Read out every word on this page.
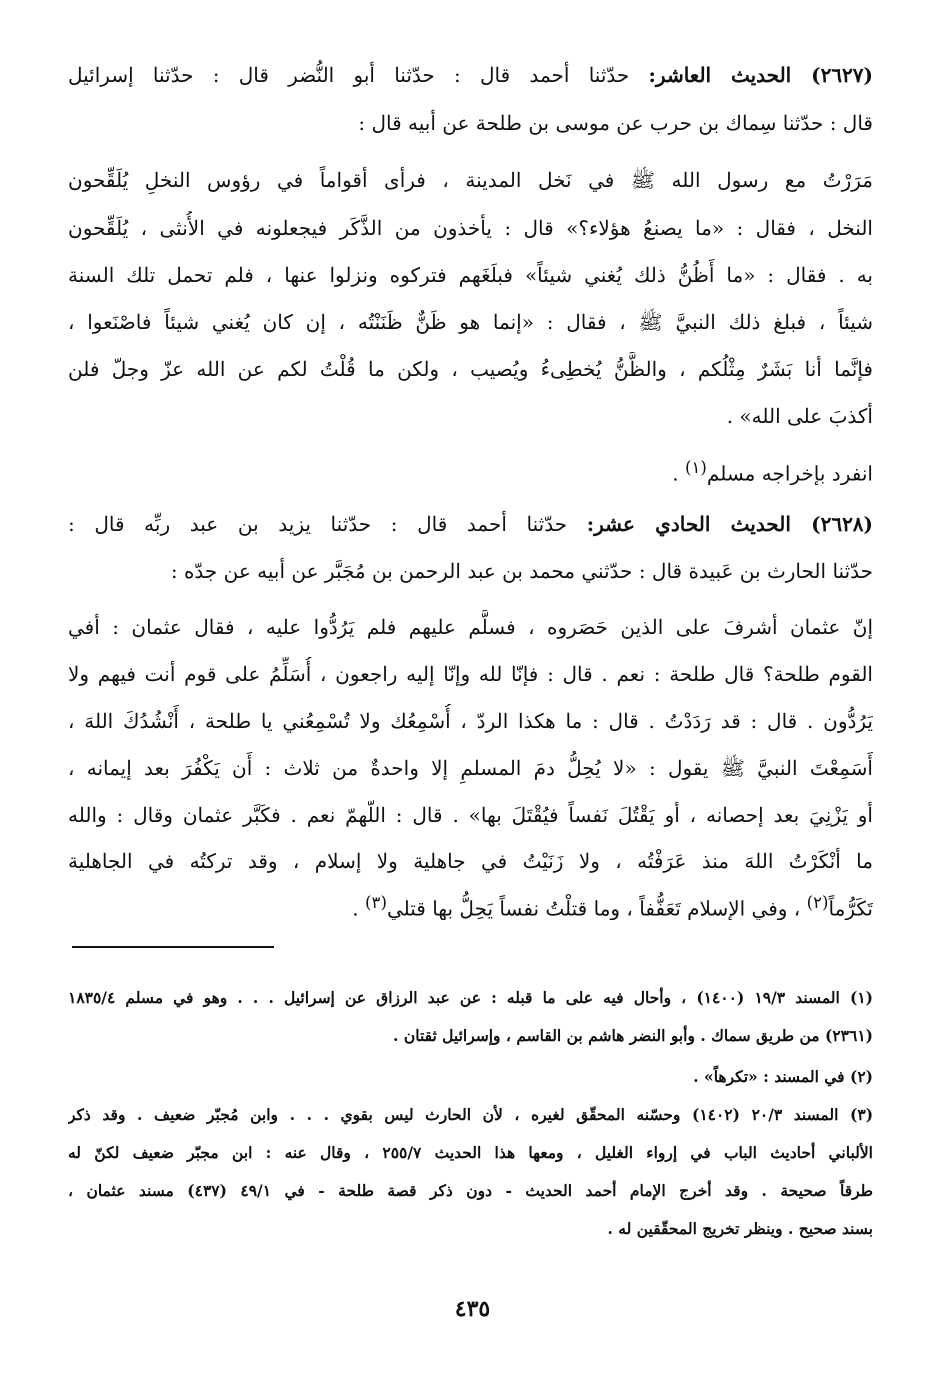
(٢٦٢٧) الحديث العاشر: حدّثنا أحمد قال : حدّثنا أبو النُّضر قال : حدّثنا إسرائيل
قال : حدّثنا سِماك بن حرب عن موسى بن طلحة عن أبيه قال :
مَرَرْتُ مع رسول الله ﷺ في نَخل المدينة ، فرأى أقواماً في رؤوس النخلِ يُلَقِّحون
النخل ، فقال : «ما يصنعُ هؤلاء؟» قال : يأخذون من الذَّكَر فيجعلونه في الأُنثى ، يُلَقِّحون
به . فقال : «ما أَظُنُّ ذلك يُغني شيئاً» فبلَغَهم فتركوه ونزلوا عنها ، فلم تحمل تلك السنة
شيئاً ، فبلغ ذلك النبيَّ ﷺ ، فقال : «إنما هو ظَنٌّ ظَنَنْتُه ، إن كان يُغني شيئاً فاصْنَعوا ،
فإنَّما أنا بَشَرٌ مِثْلُكم ، والظَّنُّ يُخطِىءُ ويُصيب ، ولكن ما قُلْتُ لكم عن الله عزّ وجلّ فلن
أكذبَ على الله» .
انفرد بإخراجه مسلم$^{(١)}$ .
(٢٦٢٨) الحديث الحادي عشر: حدّثنا أحمد قال : حدّثنا يزيد بن عبد ربِّه قال :
حدّثنا الحارث بن عَبيدة قال : حدّثني محمد بن عبد الرحمن بن مُجَبَّر عن أبيه عن جدّه :
إنّ عثمان أشرفَ على الذين حَصَروه ، فسلَّم عليهم فلم يَرُدُّوا عليه ، فقال عثمان : أفي
القوم طلحة؟ قال طلحة : نعم . قال : فإنّا لله وإنّا إليه راجعون ، أُسَلِّمُ على قوم أنت فيهم ولا
يَرُدُّون . قال : قد رَدَدْتُ . قال : ما هكذا الردّ ، أُسْمِعُك ولا تُسْمِعُني يا طلحة ، أَنْشُدُكَ اللهَ ،
أَسَمِعْتَ النبيَّ ﷺ يقول : «لا يُحِلُّ دمَ المسلمِ إلا واحدةٌ من ثلاث : أَن يَكْفُرَ بعد إيمانه ،
أو يَزْنِيَ بعد إحصانه ، أو يَقْتُلَ نَفساً فيُقْتَلَ بها» . قال : اللّهمّ نعم . فكَبَّر عثمان وقال : والله
ما أنْكَرْتُ اللهَ منذ عَرَفْتُه ، ولا زَنَيْتُ في جاهلية ولا إسلام ، وقد تركتُه في الجاهلية
تَكَرُّماً$^{(٢)}$ ، وفي الإسلام تَعَفُّفاً ، وما قتلْتُ نفساً يَحِلُّ بها قتلي$^{(٣)}$ .
(١) المسند ١٩/٣ (١٤٠٠) ، وأحال فيه على ما قبله : عن عبد الرزاق عن إسرائيل . . . وهو في مسلم ١٨٣٥/٤
(٢٣٦١) من طريق سماك . وأبو النضر هاشم بن القاسم ، وإسرائيل ثقتان .
(٢) في المسند : «تكرهاً» .
(٣) المسند ٢٠/٣ (١٤٠٢) وحسّنه المحقّق لغيره ، لأن الحارث ليس بقوي . . . وابن مُجبّر ضعيف . وقد ذكر
الألباني أحاديث الباب في إرواء الغليل ، ومعها هذا الحديث ٢٥٥/٧ ، وقال عنه : ابن مجبّر ضعيف لكنّ له
طرقاً صحيحة . وقد أخرج الإمام أحمد الحديث - دون ذكر قصة طلحة - في ٤٩/١ (٤٣٧) مسند عثمان ،
بسند صحيح . وينظر تخريج المحقّقين له .
٤٣٥
